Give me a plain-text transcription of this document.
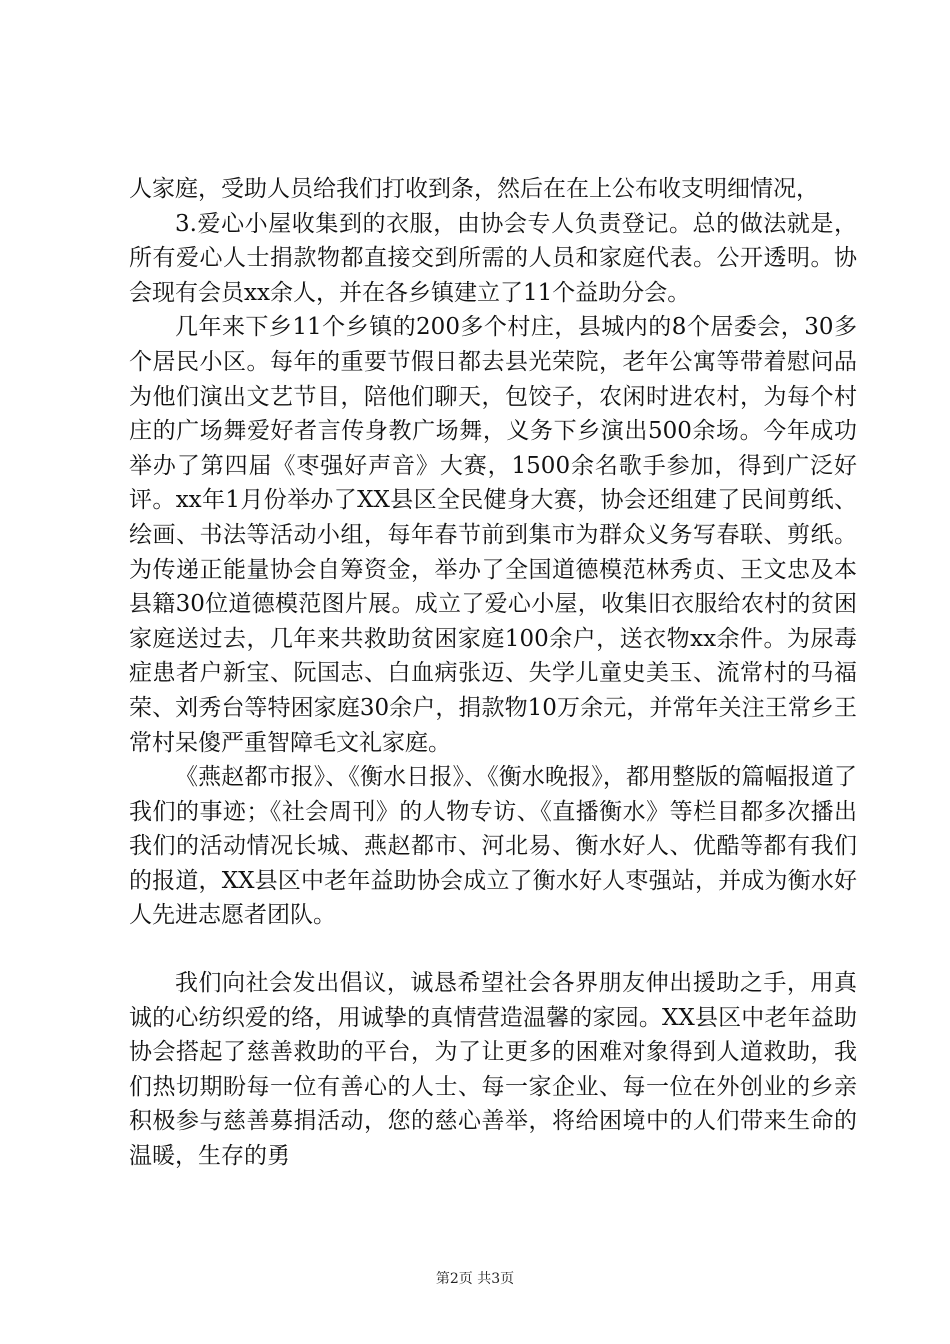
人家庭，受助人员给我们打收到条，然后在在上公布收支明细情况，

3.爱心小屋收集到的衣服，由协会专人负责登记。总的做法就是，所有爱心人士捐款物都直接交到所需的人员和家庭代表。公开透明。协会现有会员xx余人，并在各乡镇建立了11个益助分会。

几年来下乡11个乡镇的200多个村庄，县城内的8个居委会，30多个居民小区。每年的重要节假日都去县光荣院，老年公寓等带着慰问品为他们演出文艺节目，陪他们聊天，包饺子，农闲时进农村，为每个村庄的广场舞爱好者言传身教广场舞，义务下乡演出500余场。今年成功举办了第四届《枣强好声音》大赛，1500余名歌手参加，得到广泛好评。xx年1月份举办了XX县区全民健身大赛，协会还组建了民间剪纸、绘画、书法等活动小组，每年春节前到集市为群众义务写春联、剪纸。为传递正能量协会自筹资金，举办了全国道德模范林秀贞、王文忠及本县籍30位道德模范图片展。成立了爱心小屋，收集旧衣服给农村的贫困家庭送过去，几年来共救助贫困家庭100余户，送衣物xx余件。为尿毒症患者户新宝、阮国志、白血病张迈、失学儿童史美玉、流常村的马福荣、刘秀台等特困家庭30余户，捐款物10万余元，并常年关注王常乡王常村呆傻严重智障毛文礼家庭。

《燕赵都市报》、《衡水日报》、《衡水晚报》，都用整版的篇幅报道了我们的事迹；《社会周刊》的人物专访、《直播衡水》等栏目都多次播出我们的活动情况长城、燕赵都市、河北易、衡水好人、优酷等都有我们的报道，XX县区中老年益助协会成立了衡水好人枣强站，并成为衡水好人先进志愿者团队。

我们向社会发出倡议，诚恳希望社会各界朋友伸出援助之手，用真诚的心纺织爱的络，用诚挚的真情营造温馨的家园。XX县区中老年益助协会搭起了慈善救助的平台，为了让更多的困难对象得到人道救助，我们热切期盼每一位有善心的人士、每一家企业、每一位在外创业的乡亲积极参与慈善募捐活动，您的慈心善举，将给困境中的人们带来生命的温暖，生存的勇

第2页 共3页
